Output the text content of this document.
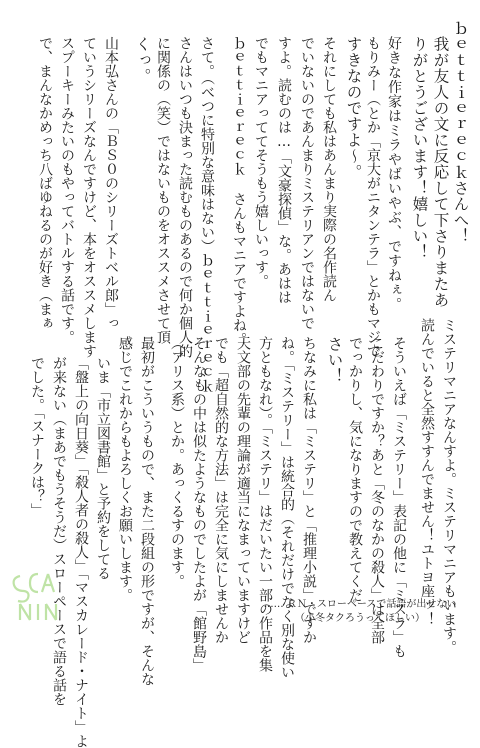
ｂｅｔｔｉｅｒｅｃｋさんへ！
我が友人の文に反応して下さりまたあ
りがとうございます！嬉しい！
好きな作家はミラやばいやぶ、ですねぇ。
もりみー（とか「京大がニタンテラ」とかもマジで
すきなのですよ〜。
それにしても私はあんまり実際の名作読ん
でいないのであんまりミステリアンではないで
すよ。読むのは…「文豪探偵」な。あはは
でもマニアっててそうもう嬉しいっす。
ｂｅｔｔｉｅｒｅｃｋ さんもマニアですよね。
さて。（べつに特別な意味はない）ｂｅｔｔｉｅｒｅｃｋ
さんはいつも決まった読むものあるので何か個人的
に関係の（笑）ではないものをオススメさせて頂
くっ。
山本弘さんの「ＢＳ０のシリーズトベル郎」っ
ていうシリーズなんですけど、本をオススメします
スプーキーみたいのもやってバトルする話です。
で、まんなかめっち八ばゆねるのが好き（まぁ
ミステリマニアなんすよ。ミステリマニアもいます。
読んでいると全然すすんでません！ユトヨ座ッ！
そういえば「ミステリー」表記の他に「ミスラ」も
こだわりですか？あと「冬のなかの殺人」は全部
でっかりし、気になりますので教えてくだ
さい！
ちなみに私は「ミステリ」と「推理小説」ですか
ね。「ミステリー」は統合的（それだけでなく別な使い
方ともなれ）。「ミステリ」はだいたい一部の作品を集
天文部の先輩の理論が適当になまっていますけど
でも「超自然的な方法」は完全に気にしませんか
そんなもの中は似たようなものでしたよが「館野島」
（アリス系）とか。あっくるすのます。
最初がこういうもので、また二段組の形ですが、そんな
感じでこれからもよろしくお願いします。
いま「市立図書館」と予約をしてる
「盤上の向日葵」「殺人者の殺人」「マスカレード・ナイト」よ
が来ない（まあでもうそうだ）スローペースで語る話を
でした。「スナークは？」
…… ＲＮ・スローペースで話語が出せない
（小冬タクろうってほしい）
